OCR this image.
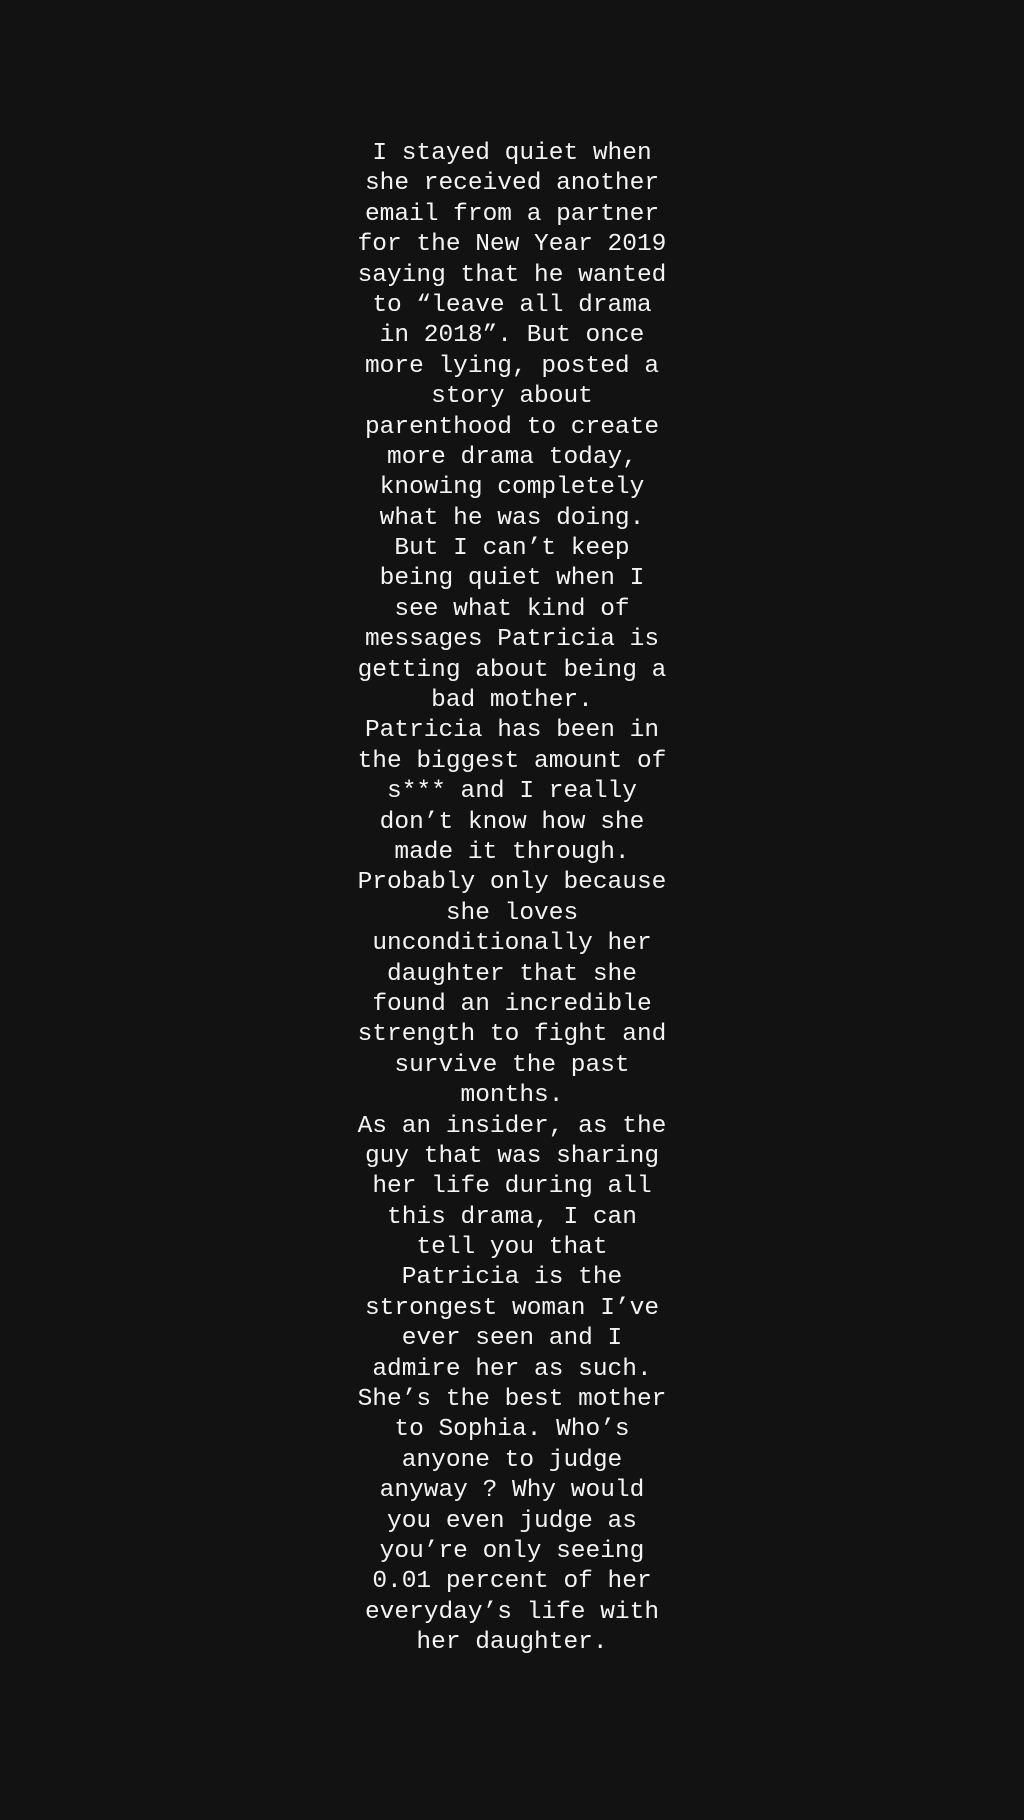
I stayed quiet when
she received another
email from a partner
for the New Year 2019
saying that he wanted
to “leave all drama
in 2018”. But once
more lying, posted a
story about
parenthood to create
more drama today,
knowing completely
what he was doing.
But I can’t keep
being quiet when I
see what kind of
messages Patricia is
getting about being a
bad mother.
Patricia has been in
the biggest amount of
s*** and I really
don’t know how she
made it through.
Probably only because
she loves
unconditionally her
daughter that she
found an incredible
strength to fight and
survive the past
months.
As an insider, as the
guy that was sharing
her life during all
this drama, I can
tell you that
Patricia is the
strongest woman I’ve
ever seen and I
admire her as such.
She’s the best mother
to Sophia. Who’s
anyone to judge
anyway ? Why would
you even judge as
you’re only seeing
0.01 percent of her
everyday’s life with
her daughter.
